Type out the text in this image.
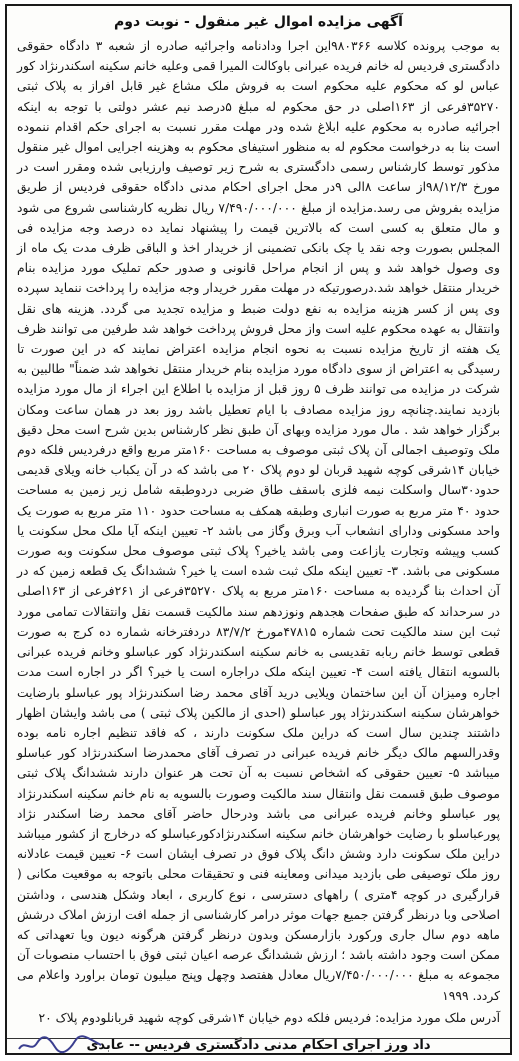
آگهی مزایده اموال غیر منقول - نوبت دوم
به موجب پرونده کلاسه ۹۸۰۳۶۶این اجرا ودادنامه واجرائیه صادره از شعبه ۳ دادگاه حقوقی دادگستری فردیس له خانم فریده عبرانی باوکالت المیرا قمی وعلیه خانم سکینه اسکندرنژاد کور عباس لو که محکوم علیه محکوم است به فروش ملک مشاع غیر قابل افراز به پلاک ثبتی ۳۵۲۷۰فرعی از ۱۶۳اصلی در حق محکوم له مبلغ ۵درصد نیم عشر دولتی با توجه به اینکه اجرائیه صادره به محکوم علیه ابلاغ شده ودر مهلت مقرر نسبت به اجرای حکم اقدام ننموده است بنا به درخواست محکوم له به منظور استیفای محکوم به وهزینه اجرایی اموال غیر منقول مذکور توسط کارشناس رسمی دادگستری به شرح زیر توصیف وارزیابی شده ومقرر است در مورخ ۹۸/۱۲/۳از ساعت ۸الی ۹در محل اجرای احکام مدنی دادگاه حقوقی فردیس از طریق مزایده بفروش می رسد.مزایده از مبلغ ۷/۴۹۰/۰۰۰/۰۰۰ ریال نظریه کارشناسی شروع می شود و مال متعلق به کسی است که بالاترین قیمت را پیشنهاد نماید ده درصد وجه مزایده فی المجلس بصورت وجه نقد یا چک بانکی تضمینی از خریدار اخذ و الباقی ظرف مدت یک ماه از وی وصول خواهد شد و پس از انجام مراحل قانونی و صدور حکم تملیک مورد مزایده بنام خریدار منتقل خواهد شد.درصورتیکه در مهلت مقرر خریدار وجه مزایده را پرداخت ننماید سپرده وی پس از کسر هزینه مزایده به نفع دولت ضبط و مزایده تجدید می گردد. هزینه های نقل وانتقال به عهده محکوم علیه است واز محل فروش پرداخت خواهد شد طرفین می توانند ظرف یک هفته از تاریخ مزایده نسبت به نحوه انجام مزایده اعتراض نمایند که در این صورت تا رسیدگی به اعتراض از سوی دادگاه مورد مزایده بنام خریدار منتقل نخواهد شد ضمناً" طالبین به شرکت در مزایده می توانند ظرف ۵ روز قبل از مزایده با اطلاع این اجراء از مال مورد مزایده بازدید نمایند.چنانچه روز مزایده مصادف با ایام تعطیل باشد روز بعد در همان ساعت ومکان برگزار خواهد شد . مال مورد مزایده وبهای آن طبق نظر کارشناس بدین شرح است محل دقیق ملک وتوصیف اجمالی آن پلاک ثبتی موصوف به مساحت ۱۶۰متر مربع واقع درفردیس فلکه دوم خیابان ۱۴شرقی کوچه شهید قربان لو دوم پلاک ۲۰ می باشد که در آن یکباب خانه ویلای قدیمی حدود۳۰سال واسکلت نیمه فلزی باسقف طاق ضربی دردوطبقه شامل زیر زمین به مساحت حدود ۴۰ متر مربع به صورت انباری وطبقه همکف به مساحت حدود ۱۱۰ متر مربع به صورت یک واحد مسکونی ودارای انشعاب آب وبرق وگاز می باشد ۲- تعیین اینکه آیا ملک محل سکونت یا کسب وپیشه وتجارت یازاعت ومی باشد یاخیر؟ پلاک ثبتی موصوف محل سکونت وبه صورت مسکونی می باشد. ۳- تعیین اینکه ملک ثبت شده است یا خیر؟ ششدانگ یک قطعه زمین که در آن احداث بنا گردیده به مساحت ۱۶۰متر مربع به پلاک ۳۵۲۷۰فرعی از ۲۶۱فرعی از ۱۶۳اصلی در سرحداند که طبق صفحات هجدهم ونوزدهم سند مالکیت قسمت نقل وانتقالات تمامی مورد ثبت این سند مالکیت تحت شماره ۴۷۸۱۵مورخ ۸۳/۷/۲ دردفترخانه شماره ده کرج به صورت قطعی توسط خانم ربابه تقدیسی به خانم سکینه اسکندرنژاد کور عباسلو وخانم فریده عبرانی بالسویه انتقال یافته است ۴- تعیین اینکه ملک دراجاره است یا خیر؟ اگر در اجاره است مدت اجاره ومیزان آن این ساختمان ویلایی درید آقای محمد رضا اسکندرنژاد پور عباسلو بارضایت خواهرشان سکینه اسکندرنژاد پور عباسلو (احدی از مالکین پلاک ثبتی ) می باشد وایشان اظهار داشتند چندین سال است که دراین ملک سکونت دارند ، که فاقد تنظیم اجاره نامه بوده وقدرالسهم مالک دیگر خانم فریده عبرانی در تصرف آقای محمدرضا اسکندرنژاد کور عباسلو میباشد ۵- تعیین حقوقی که اشخاص نسبت به آن تحت هر عنوان دارند ششدانگ پلاک ثبتی موصوف طبق قسمت نقل وانتقال سند مالکیت وصورت بالسویه به نام خانم سکینه اسکندرنژاد پور عباسلو وخانم فریده عبرانی می باشد ودرحال حاضر آقای محمد رضا اسکندر نژاد پورعباسلو با رضایت خواهرشان خانم سکینه اسکندرنژادکورعباسلو که درخارج از کشور میباشد دراین ملک سکونت دارد وشش دانگ پلاک فوق در تصرف ایشان است ۶- تعیین قیمت عادلانه روز ملک توصیفی طی بازدید میدانی ومعاینه فنی و تحقیقات محلی باتوجه به موقعیت مکانی ( قرارگیری در کوچه ۴متری ) راههای دسترسی ، نوع کاربری ، ابعاد وشکل هندسی ، وداشتن اصلاحی وبا درنظر گرفتن جمیع جهات موثر درامر کارشناسی از جمله افت ارزش املاک درشش ماهه دوم سال جاری ورکورد بازارمسکن وبدون درنظر گرفتن هرگونه دیون ویا تعهداتی که ممکن است وجود داشته باشد ؛ ارزش ششدانگ عرصه اعیان ثبتی فوق با احتساب منصوبات آن مجموعه به مبلغ ۷/۴۵۰/۰۰۰/۰۰۰ریال معادل هفتصد وچهل وپنج میلیون تومان براورد واعلام می کردد. ۱۹۹۹
آدرس ملک مورد مزایده: فردیس فلکه دوم خیابان ۱۴شرقی کوچه شهید قربانلودوم پلاک ۲۰
داد ورز اجرای احکام مدنی دادگستری فردیس -- عابدی
